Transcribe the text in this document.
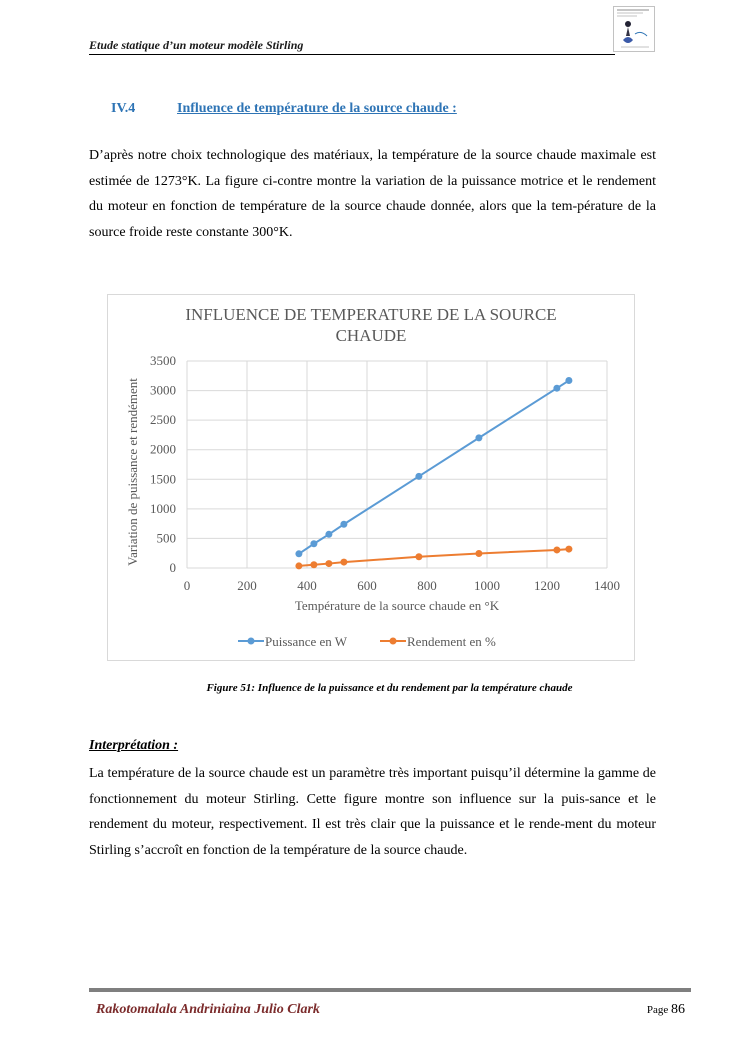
Etude statique d’un moteur modèle Stirling
IV.4	Influence de température de la source chaude :

D’après notre choix technologique des matériaux, la température de la source chaude maximale est estimée de 1273°K. La figure ci-contre montre la variation de la puissance motrice et le rendement du moteur en fonction de température de la source chaude donnée, alors que la tem-pérature de la source froide reste constante 300°K.

INFLUENCE DE TEMPERATURE DE LA SOURCE
CHAUDE
0
500
1000
1500
2000
2500
3000
3500
0	200	400	600	800	1000	1200	1400
Température de la source chaude en °K
Variation de puissance et rendément
Puissance en W	Rendement en %
Figure 51: Influence de la puissance et du rendement par la température chaude
Interprétation :

La température de la source chaude est un paramètre très important puisqu’il détermine la gamme de fonctionnement du moteur Stirling. Cette figure montre son influence sur la puis-sance et le rendement du moteur, respectivement. Il est très clair que la puissance et le rende-ment du moteur Stirling s’accroît en fonction de la température de la source chaude.

Rakotomalala Andriniaina Julio Clark	Page 86
